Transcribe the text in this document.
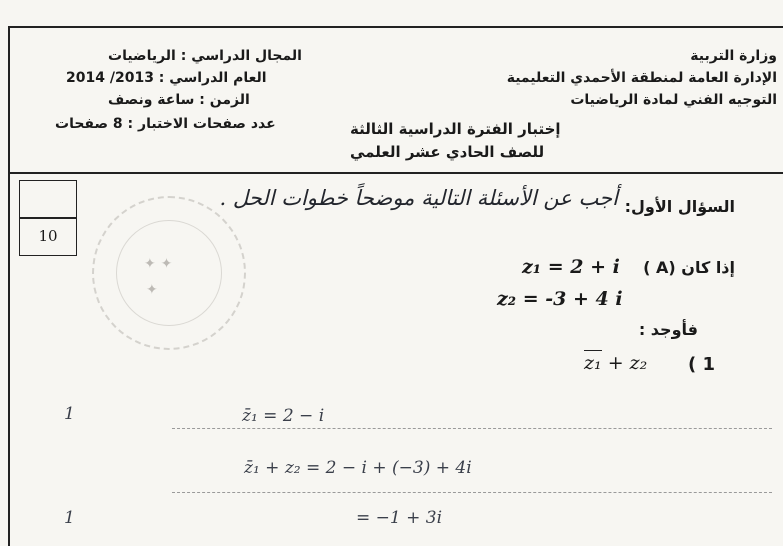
وزارة التربية
الإدارة العامة لمنطقة الأحمدي التعليمية
التوجيه الفني لمادة الرياضيات
المجال الدراسي : الرياضيات
العام الدراسي : 2013/ 2014
الزمن : ساعة ونصف
عدد صفحات الاختبار : 8 صفحات	إختبار الفترة الدراسية الثالثة
للصف الحادي عشر العلمي
10
✦ ✦
✦
السؤال الأول:
أجب عن الأسئلة التالية موضحاً خطوات الحل .
( A) إذا كان
z₁ = 2 + i
z₂ = -3 + 4 i
فأوجد :
( 1
z₁ + z₂
1
1
z̄₁ = 2 − i
z̄₁ + z₂ = 2 − i + (−3) + 4i
= −1 + 3i
